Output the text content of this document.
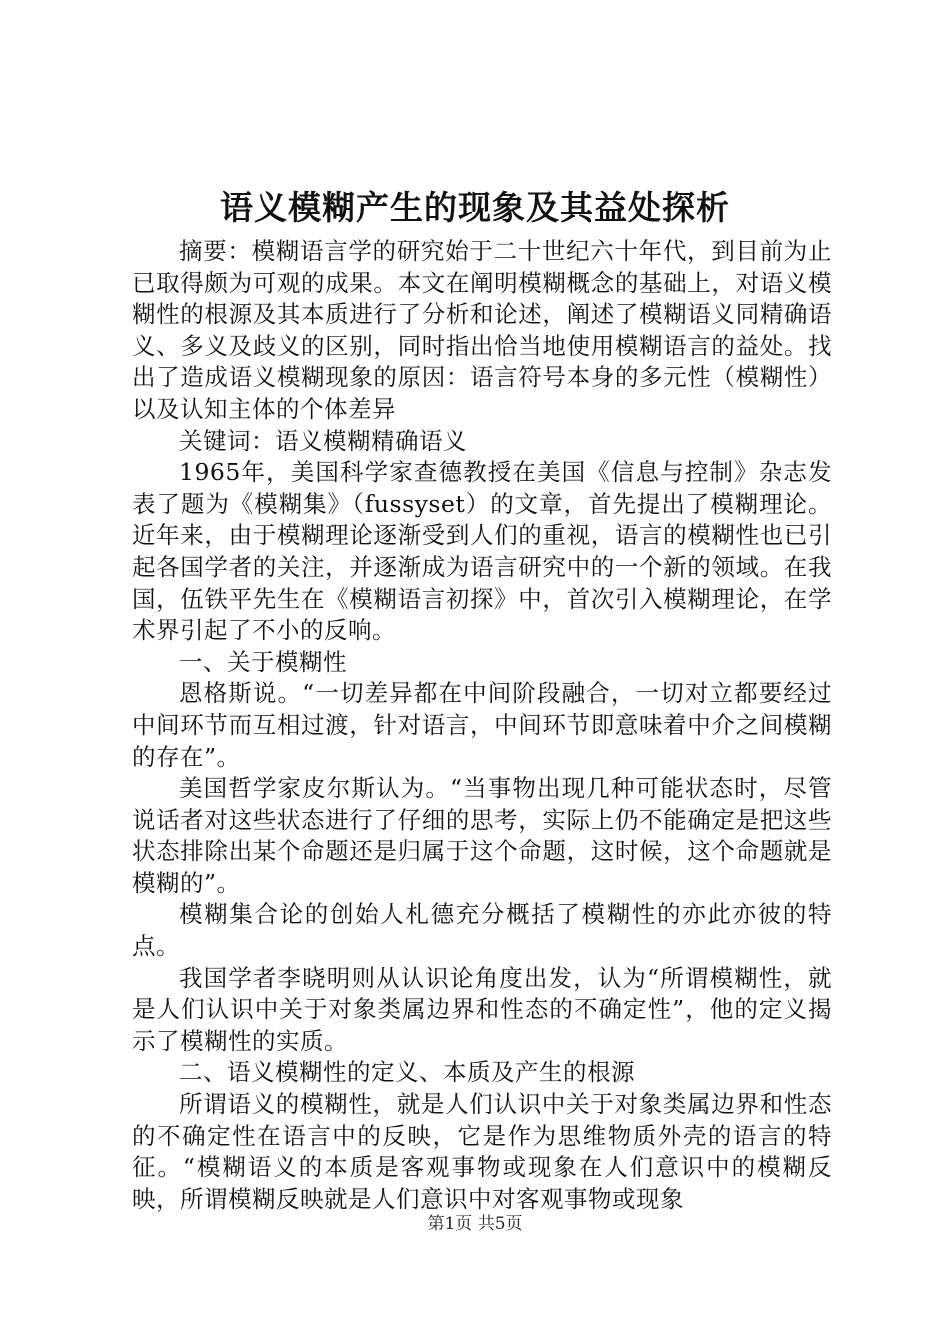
语义模糊产生的现象及其益处探析

摘要：模糊语言学的研究始于二十世纪六十年代，到目前为止已取得颇为可观的成果。本文在阐明模糊概念的基础上，对语义模糊性的根源及其本质进行了分析和论述，阐述了模糊语义同精确语义、多义及歧义的区别，同时指出恰当地使用模糊语言的益处。找出了造成语义模糊现象的原因：语言符号本身的多元性（模糊性）以及认知主体的个体差异

关键词：语义模糊精确语义

1965年，美国科学家查德教授在美国《信息与控制》杂志发表了题为《模糊集》（fussyset）的文章，首先提出了模糊理论。近年来，由于模糊理论逐渐受到人们的重视，语言的模糊性也已引起各国学者的关注，并逐渐成为语言研究中的一个新的领域。在我国，伍铁平先生在《模糊语言初探》中，首次引入模糊理论，在学术界引起了不小的反响。

一、关于模糊性

恩格斯说。“一切差异都在中间阶段融合，一切对立都要经过中间环节而互相过渡，针对语言，中间环节即意味着中介之间模糊的存在”。

美国哲学家皮尔斯认为。“当事物出现几种可能状态时，尽管说话者对这些状态进行了仔细的思考，实际上仍不能确定是把这些状态排除出某个命题还是归属于这个命题，这时候，这个命题就是模糊的”。

模糊集合论的创始人札德充分概括了模糊性的亦此亦彼的特点。

我国学者李晓明则从认识论角度出发，认为“所谓模糊性，就是人们认识中关于对象类属边界和性态的不确定性”，他的定义揭示了模糊性的实质。

二、语义模糊性的定义、本质及产生的根源

所谓语义的模糊性，就是人们认识中关于对象类属边界和性态的不确定性在语言中的反映，它是作为思维物质外壳的语言的特征。“模糊语义的本质是客观事物或现象在人们意识中的模糊反映，所谓模糊反映就是人们意识中对客观事物或现象

第1页 共5页
